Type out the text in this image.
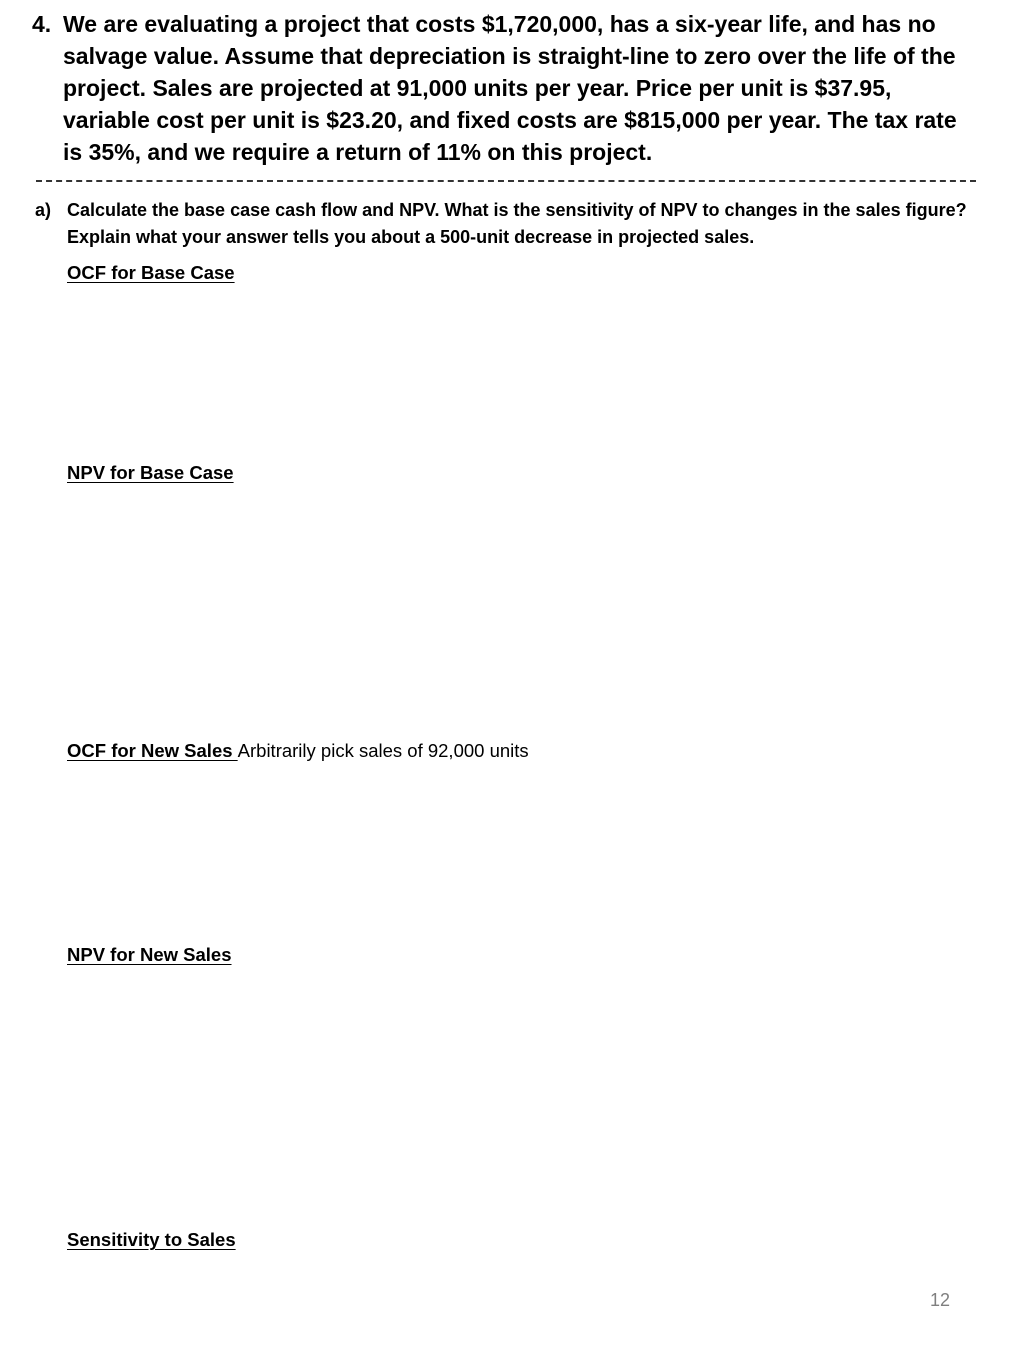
4. We are evaluating a project that costs $1,720,000, has a six-year life, and has no salvage value. Assume that depreciation is straight-line to zero over the life of the project. Sales are projected at 91,000 units per year. Price per unit is $37.95, variable cost per unit is $23.20, and fixed costs are $815,000 per year. The tax rate is 35%, and we require a return of 11% on this project.
a) Calculate the base case cash flow and NPV. What is the sensitivity of NPV to changes in the sales figure? Explain what your answer tells you about a 500-unit decrease in projected sales.
OCF for Base Case
NPV for Base Case
OCF for New Sales Arbitrarily pick sales of 92,000 units
NPV for New Sales
Sensitivity to Sales
12
